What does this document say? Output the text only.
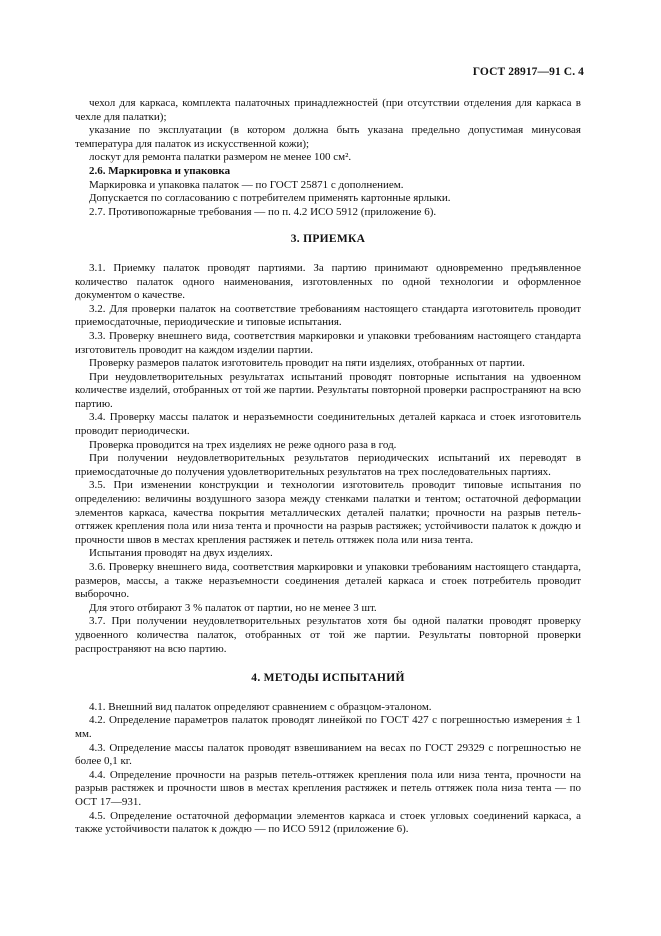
ГОСТ 28917—91 С. 4

чехол для каркаса, комплекта палаточных принадлежностей (при отсутствии отделения для каркаса в чехле для палатки);

указание по эксплуатации (в котором должна быть указана предельно допустимая минусовая температура для палаток из искусственной кожи);

лоскут для ремонта палатки размером не менее 100 см².

2.6. Маркировка и упаковка

Маркировка и упаковка палаток — по ГОСТ 25871 с дополнением.

Допускается по согласованию с потребителем применять картонные ярлыки.

2.7. Противопожарные требования — по п. 4.2 ИСО 5912 (приложение 6).

3. ПРИЕМКА

3.1. Приемку палаток проводят партиями. За партию принимают одновременно предъявленное количество палаток одного наименования, изготовленных по одной технологии и оформленное документом о качестве.

3.2. Для проверки палаток на соответствие требованиям настоящего стандарта изготовитель проводит приемосдаточные, периодические и типовые испытания.

3.3. Проверку внешнего вида, соответствия маркировки и упаковки требованиям настоящего стандарта изготовитель проводит на каждом изделии партии.

Проверку размеров палаток изготовитель проводит на пяти изделиях, отобранных от партии.

При неудовлетворительных результатах испытаний проводят повторные испытания на удвоенном количестве изделий, отобранных от той же партии. Результаты повторной проверки распространяют на всю партию.

3.4. Проверку массы палаток и неразъемности соединительных деталей каркаса и стоек изготовитель проводит периодически.

Проверка проводится на трех изделиях не реже одного раза в год.

При получении неудовлетворительных результатов периодических испытаний их переводят в приемосдаточные до получения удовлетворительных результатов на трех последовательных партиях.

3.5. При изменении конструкции и технологии изготовитель проводит типовые испытания по определению: величины воздушного зазора между стенками палатки и тентом; остаточной деформации элементов каркаса, качества покрытия металлических деталей палатки; прочности на разрыв петель-оттяжек крепления пола или низа тента и прочности на разрыв растяжек; устойчивости палаток к дождю и прочности швов в местах крепления растяжек и петель оттяжек пола или низа тента.

Испытания проводят на двух изделиях.

3.6. Проверку внешнего вида, соответствия маркировки и упаковки требованиям настоящего стандарта, размеров, массы, а также неразъемности соединения деталей каркаса и стоек потребитель проводит выборочно.

Для этого отбирают 3 % палаток от партии, но не менее 3 шт.

3.7. При получении неудовлетворительных результатов хотя бы одной палатки проводят проверку удвоенного количества палаток, отобранных от той же партии. Результаты повторной проверки распространяют на всю партию.

4. МЕТОДЫ ИСПЫТАНИЙ

4.1. Внешний вид палаток определяют сравнением с образцом-эталоном.

4.2. Определение параметров палаток проводят линейкой по ГОСТ 427 с погрешностью измерения ± 1 мм.

4.3. Определение массы палаток проводят взвешиванием на весах по ГОСТ 29329 с погрешностью не более 0,1 кг.

4.4. Определение прочности на разрыв петель-оттяжек крепления пола или низа тента, прочности на разрыв растяжек и прочности швов в местах крепления растяжек и петель оттяжек пола низа тента — по ОСТ 17—931.

4.5. Определение остаточной деформации элементов каркаса и стоек угловых соединений каркаса, а также устойчивости палаток к дождю — по ИСО 5912 (приложение 6).
